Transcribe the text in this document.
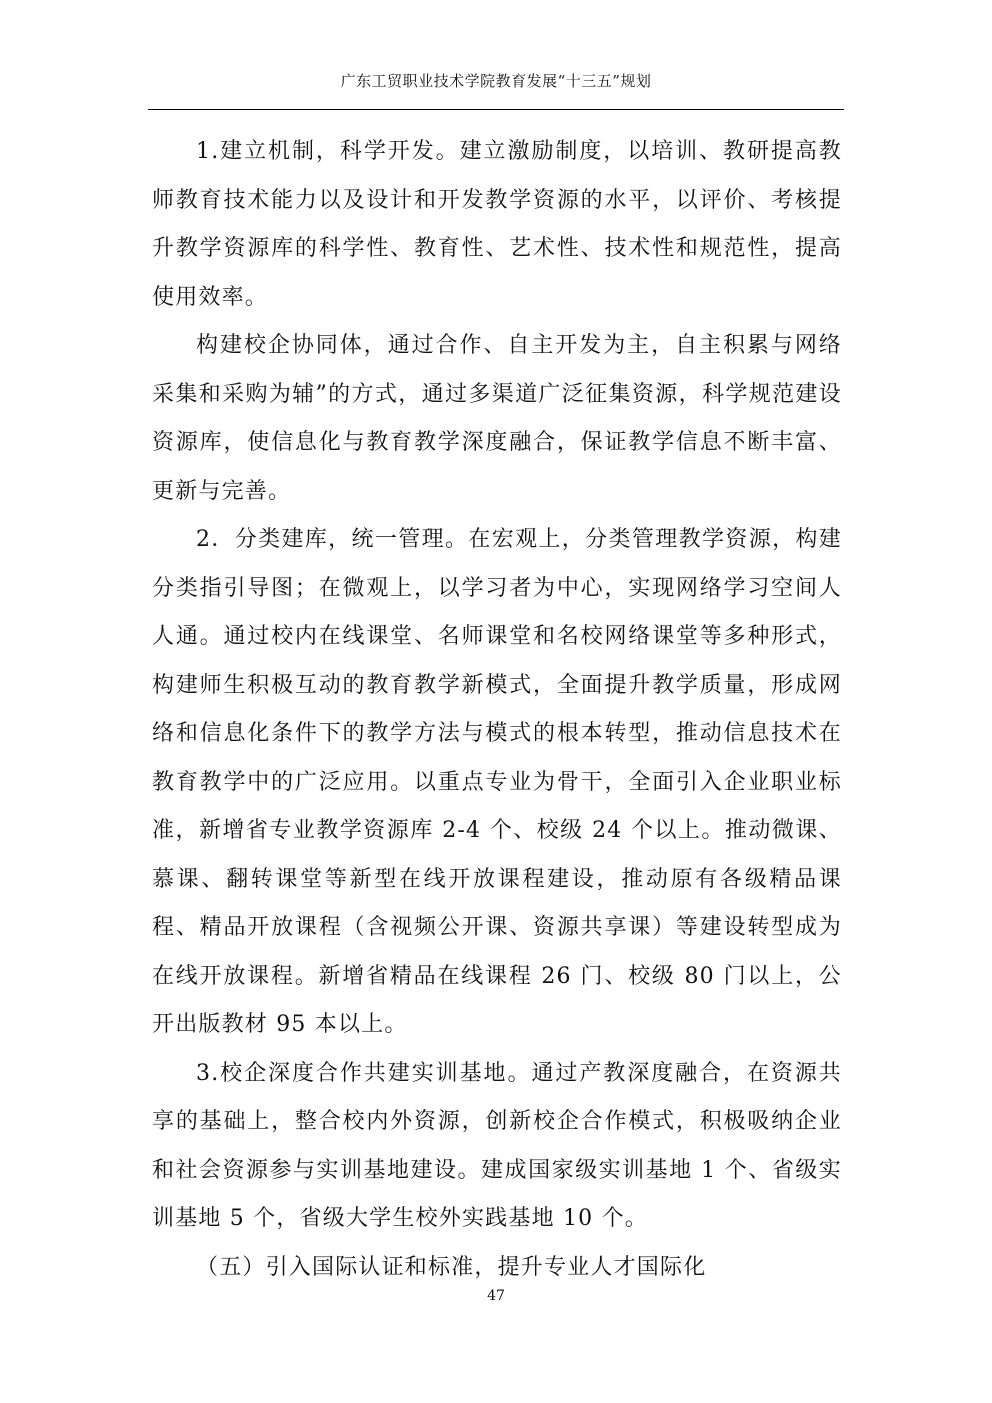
广东工贸职业技术学院教育发展“十三五”规划

1.建立机制，科学开发。建立激励制度，以培训、教研提高教师教育技术能力以及设计和开发教学资源的水平，以评价、考核提升教学资源库的科学性、教育性、艺术性、技术性和规范性，提高使用效率。

构建校企协同体，通过合作、自主开发为主，自主积累与网络采集和采购为辅”的方式，通过多渠道广泛征集资源，科学规范建设资源库，使信息化与教育教学深度融合，保证教学信息不断丰富、更新与完善。

2．分类建库，统一管理。在宏观上，分类管理教学资源，构建分类指引导图；在微观上，以学习者为中心，实现网络学习空间人人通。通过校内在线课堂、名师课堂和名校网络课堂等多种形式，构建师生积极互动的教育教学新模式，全面提升教学质量，形成网络和信息化条件下的教学方法与模式的根本转型，推动信息技术在教育教学中的广泛应用。以重点专业为骨干，全面引入企业职业标准，新增省专业教学资源库 2-4 个、校级 24 个以上。推动微课、慕课、翻转课堂等新型在线开放课程建设，推动原有各级精品课程、精品开放课程（含视频公开课、资源共享课）等建设转型成为在线开放课程。新增省精品在线课程 26 门、校级 80 门以上，公开出版教材 95 本以上。

3.校企深度合作共建实训基地。通过产教深度融合，在资源共享的基础上，整合校内外资源，创新校企合作模式，积极吸纳企业和社会资源参与实训基地建设。建成国家级实训基地 1 个、省级实训基地 5 个，省级大学生校外实践基地 10 个。

（五）引入国际认证和标准，提升专业人才国际化

47
